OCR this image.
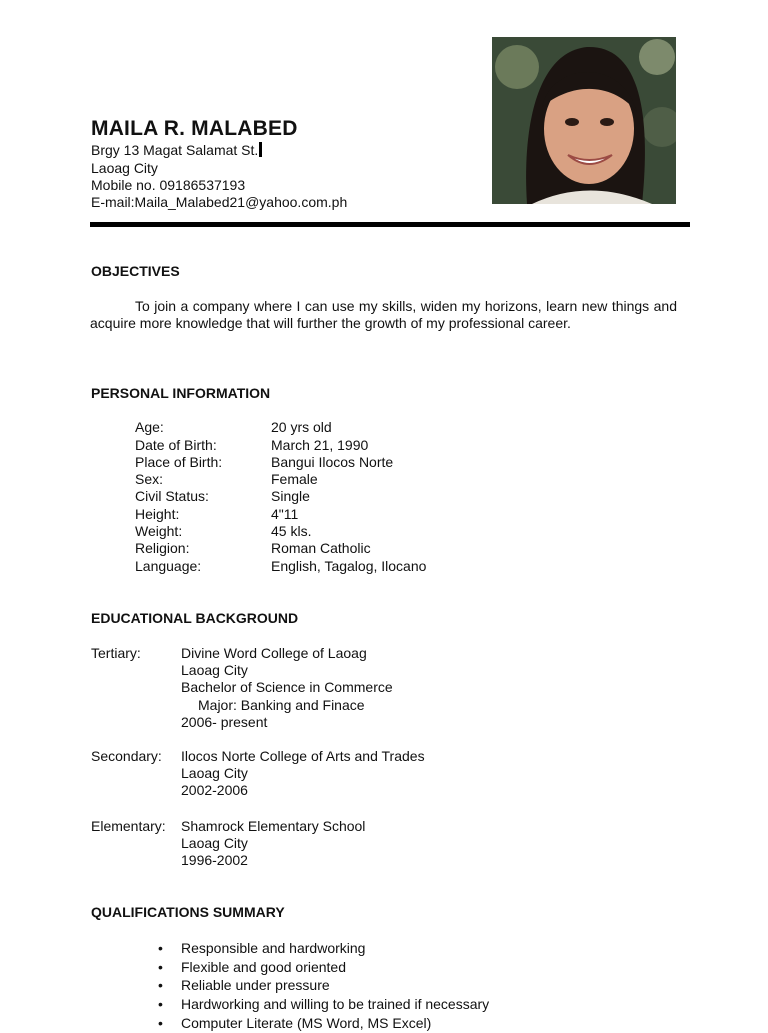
MAILA R. MALABED
Brgy 13 Magat Salamat St.
Laoag City
Mobile no. 09186537193
E-mail:Maila_Malabed21@yahoo.com.ph
OBJECTIVES
To join a company where I can use my skills, widen my horizons, learn new things and acquire more knowledge that will further the growth of my professional career.
PERSONAL INFORMATION
Age:	20 yrs old
Date of Birth:	March 21, 1990
Place of Birth:	Bangui Ilocos Norte
Sex:	Female
Civil Status:	Single
Height:	4"11
Weight:	45 kls.
Religion:	Roman Catholic
Language:	English, Tagalog, Ilocano
EDUCATIONAL BACKGROUND
Tertiary:	Divine Word College of Laoag
Laoag City
Bachelor of Science in Commerce
Major: Banking and Finace
2006- present
Secondary: Ilocos Norte College of Arts and Trades
Laoag City
2002-2006
Elementary: Shamrock Elementary School
Laoag City
1996-2002
QUALIFICATIONS SUMMARY
• Responsible and hardworking
• Flexible and good oriented
• Reliable under pressure
• Hardworking and willing to be trained if necessary
• Computer Literate (MS Word, MS Excel)
